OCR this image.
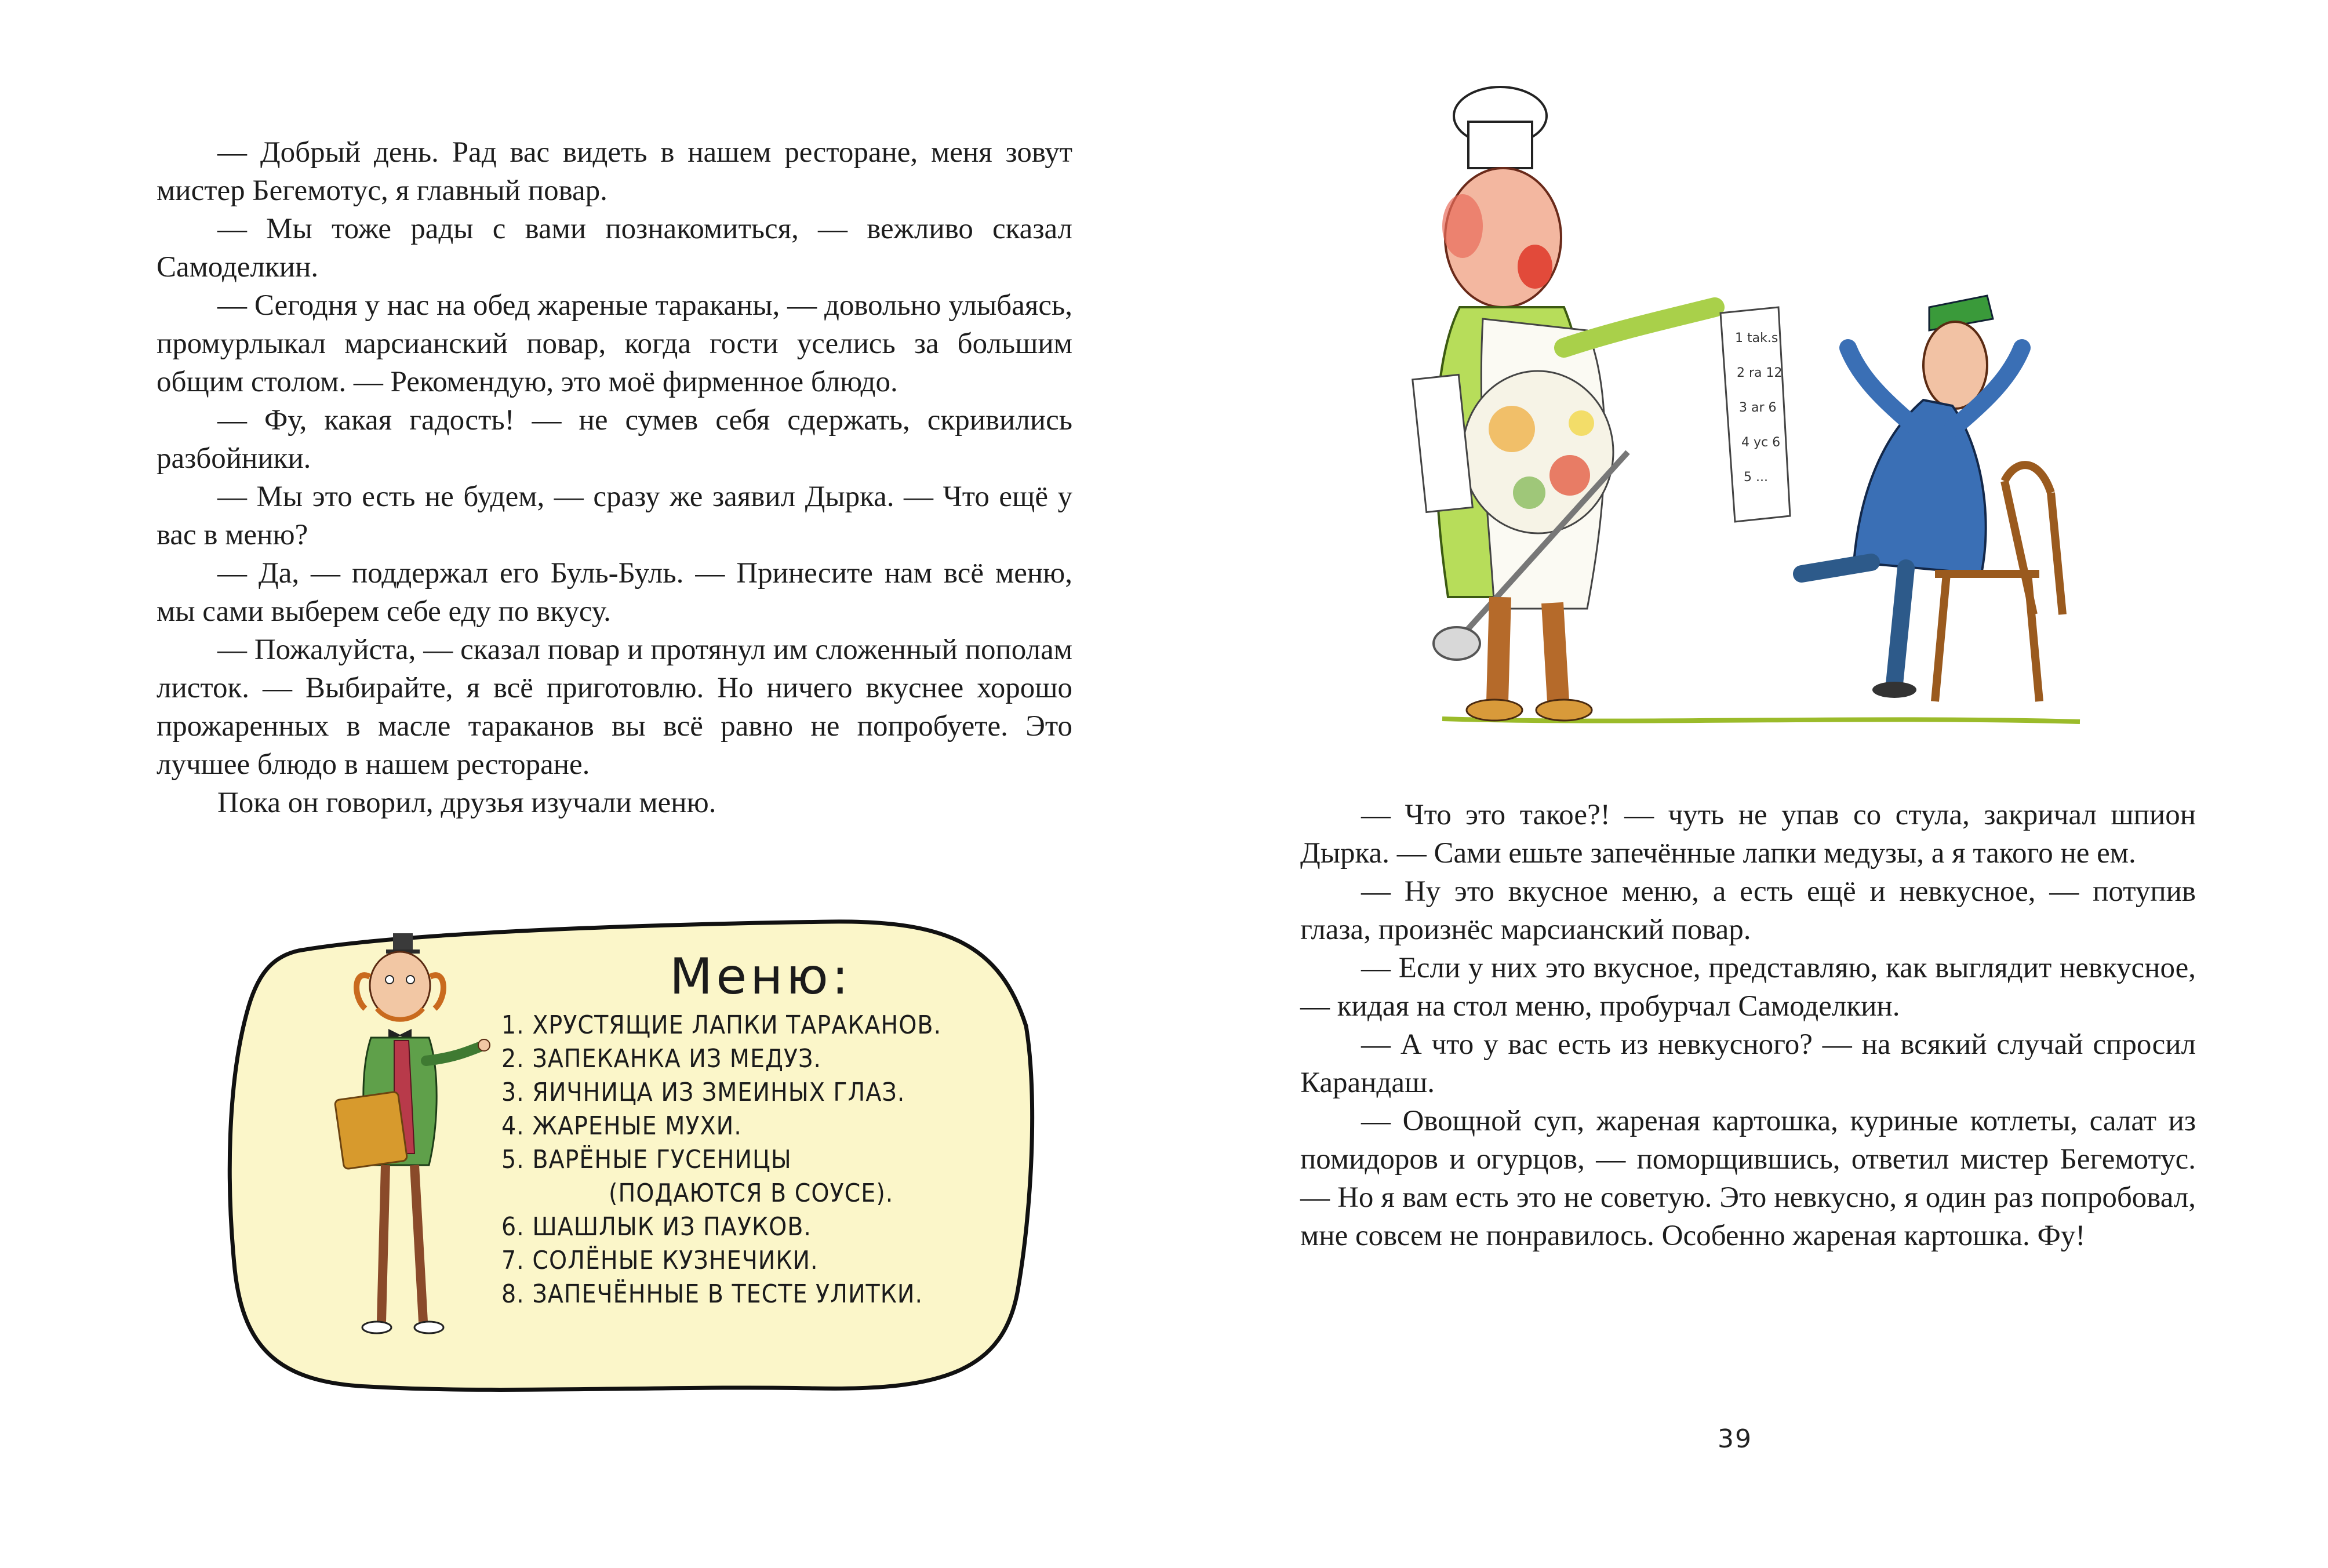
— Добрый день. Рад вас видеть в нашем ресторане, меня зовут мистер Бегемотус, я главный повар.

— Мы тоже рады с вами познакомиться, — вежливо сказал Самоделкин.

— Сегодня у нас на обед жареные тараканы, — довольно улыбаясь, промурлыкал марсианский повар, когда гости уселись за большим общим столом. — Рекомендую, это моё фирменное блюдо.

— Фу, какая гадость! — не сумев себя сдержать, скривились разбойники.

— Мы это есть не будем, — сразу же заявил Дырка. — Что ещё у вас в меню?

— Да, — поддержал его Буль-Буль. — Принесите нам всё меню, мы сами выберем себе еду по вкусу.

— Пожалуйста, — сказал повар и протянул им сложенный пополам листок. — Выбирайте, я всё приготовлю. Но ничего вкуснее хорошо прожаренных в масле тараканов вы всё равно не попробуете. Это лучшее блюдо в нашем ресторане.

Пока он говорил, друзья изучали меню.

Меню:
1. ХРУСТЯЩИЕ ЛАПКИ ТАРАКАНОВ.
2. ЗАПЕКАНКА ИЗ МЕДУЗ.
3. ЯИЧНИЦА ИЗ ЗМЕИНЫХ ГЛАЗ.
4. ЖАРЕНЫЕ МУХИ.
5. ВАРЁНЫЕ ГУСЕНИЦЫ
(ПОДАЮТСЯ В СОУСЕ).
6. ШАШЛЫК ИЗ ПАУКОВ.
7. СОЛЁНЫЕ КУЗНЕЧИКИ.
8. ЗАПЕЧЁННЫЕ В ТЕСТЕ УЛИТКИ.
1 tak.s
2 ra 12
3 ar 6
4 yc 6
5 ...

— Что это такое?! — чуть не упав со стула, закричал шпион Дырка. — Сами ешьте запечённые лапки медузы, а я такого не ем.

— Ну это вкусное меню, а есть ещё и невкусное, — потупив глаза, произнёс марсианский повар.

— Если у них это вкусное, представляю, как выглядит невкусное, — кидая на стол меню, пробурчал Самоделкин.

— А что у вас есть из невкусного? — на всякий случай спросил Карандаш.

— Овощной суп, жареная картошка, куриные котлеты, салат из помидоров и огурцов, — поморщившись, ответил мистер Бегемотус. — Но я вам есть это не советую. Это невкусно, я один раз попробовал, мне совсем не понравилось. Особенно жареная картошка. Фу!

39
